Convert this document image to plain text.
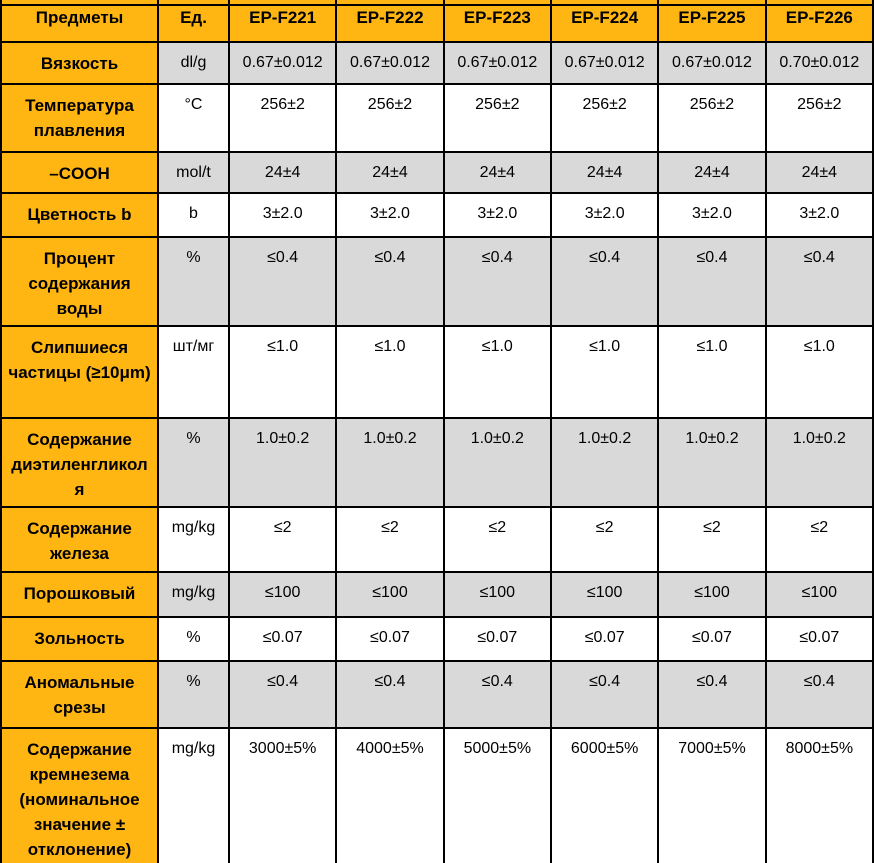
Предметы	Ед.	EP-F221	EP-F222	EP-F223	EP-F224	EP-F225	EP-F226
Вязкость	dl/g	0.67±0.012	0.67±0.012	0.67±0.012	0.67±0.012	0.67±0.012	0.70±0.012
Температура плавления	°C	256±2	256±2	256±2	256±2	256±2	256±2
–COOH	mol/t	24±4	24±4	24±4	24±4	24±4	24±4
Цветность b	b	3±2.0	3±2.0	3±2.0	3±2.0	3±2.0	3±2.0
Процент содержания воды	%	≤0.4	≤0.4	≤0.4	≤0.4	≤0.4	≤0.4
Слипшиеся частицы (≥10μm)	шт/мг	≤1.0	≤1.0	≤1.0	≤1.0	≤1.0	≤1.0
Содержание диэтиленгликоля	%	1.0±0.2	1.0±0.2	1.0±0.2	1.0±0.2	1.0±0.2	1.0±0.2
Содержание железа	mg/kg	≤2	≤2	≤2	≤2	≤2	≤2
Порошковый	mg/kg	≤100	≤100	≤100	≤100	≤100	≤100
Зольность	%	≤0.07	≤0.07	≤0.07	≤0.07	≤0.07	≤0.07
Аномальные срезы	%	≤0.4	≤0.4	≤0.4	≤0.4	≤0.4	≤0.4
Содержание кремнезема (номинальное значение ± отклонение)	mg/kg	3000±5%	4000±5%	5000±5%	6000±5%	7000±5%	8000±5%
